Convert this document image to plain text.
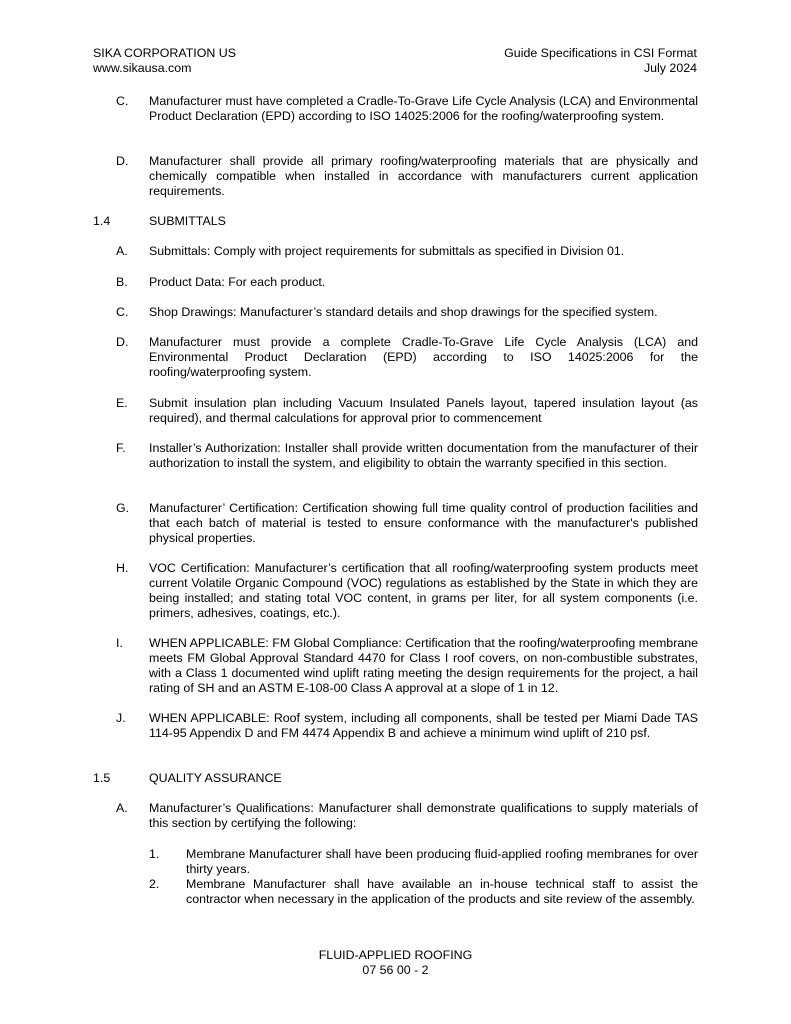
SIKA CORPORATION US
www.sikausa.com
Guide Specifications in CSI Format
July 2024
C. Manufacturer must have completed a Cradle-To-Grave Life Cycle Analysis (LCA) and Environmental Product Declaration (EPD) according to ISO 14025:2006 for the roofing/waterproofing system.
D. Manufacturer shall provide all primary roofing/waterproofing materials that are physically and chemically compatible when installed in accordance with manufacturers current application requirements.
1.4	SUBMITTALS
A. Submittals: Comply with project requirements for submittals as specified in Division 01.
B. Product Data: For each product.
C. Shop Drawings: Manufacturer’s standard details and shop drawings for the specified system.
D. Manufacturer must provide a complete Cradle-To-Grave Life Cycle Analysis (LCA) and Environmental Product Declaration (EPD) according to ISO 14025:2006 for the roofing/waterproofing system.
E. Submit insulation plan including Vacuum Insulated Panels layout, tapered insulation layout (as required), and thermal calculations for approval prior to commencement
F. Installer’s Authorization: Installer shall provide written documentation from the manufacturer of their authorization to install the system, and eligibility to obtain the warranty specified in this section.
G. Manufacturer’ Certification: Certification showing full time quality control of production facilities and that each batch of material is tested to ensure conformance with the manufacturer's published physical properties.
H. VOC Certification: Manufacturer’s certification that all roofing/waterproofing system products meet current Volatile Organic Compound (VOC) regulations as established by the State in which they are being installed; and stating total VOC content, in grams per liter, for all system components (i.e. primers, adhesives, coatings, etc.).
I. WHEN APPLICABLE: FM Global Compliance: Certification that the roofing/waterproofing membrane meets FM Global Approval Standard 4470 for Class I roof covers, on non-combustible substrates, with a Class 1 documented wind uplift rating meeting the design requirements for the project, a hail rating of SH and an ASTM E-108-00 Class A approval at a slope of 1 in 12.
J. WHEN APPLICABLE: Roof system, including all components, shall be tested per Miami Dade TAS 114-95 Appendix D and FM 4474 Appendix B and achieve a minimum wind uplift of 210 psf.
1.5	QUALITY ASSURANCE
A. Manufacturer’s Qualifications: Manufacturer shall demonstrate qualifications to supply materials of this section by certifying the following:
1. Membrane Manufacturer shall have been producing fluid-applied roofing membranes for over thirty years.
2. Membrane Manufacturer shall have available an in-house technical staff to assist the contractor when necessary in the application of the products and site review of the assembly.
FLUID-APPLIED ROOFING
07 56 00 - 2
